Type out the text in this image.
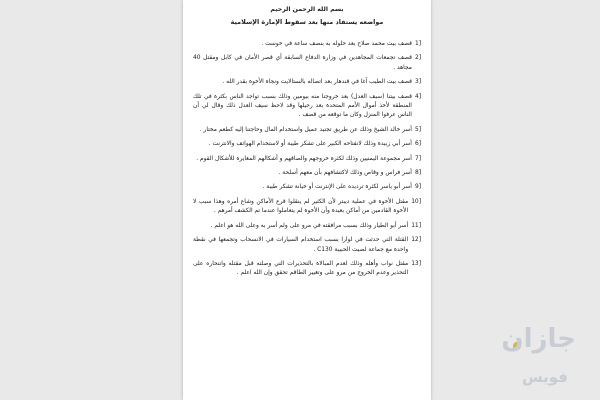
بسم الله الرحمن الرحيم
مواضعه يستفاد منها بعد سقوط الإمارة الإسلامية
[1
قصف بيت محمد صلاح بعد حلوله به بنصف ساعة في خوست .
[2
قصف تجمعات المجاهدين في وزارة الدفاع السابقة أي قصر الأمان في كابل ومقتل 40 مجاهد .
[3
قصف بيت الطيب آغا في قندهار بعد اتصاله بالستالايت ونجاة الأخوة بقدر الله .
[4
قصف بيتنا (سيف العدل) بعد خروجنا منه بيومين وذلك بسبب تواجد الناس بكثرة في تلك المنطقة لأخذ أموال الأمم المتحدة بعد رحيلها وقد لاحظ سيف العدل ذلك وقال لي أن الناس عرفوا المنزل وكان ما توقعه من قصف .
[5
أسر خالد الشيخ وذلك عن طريق تجنيد عميل واستخدام المال وحاجتنا إليه كطعم مختار .
[6
أسر أبي زبيدة وذلك لانفتاحه الكبير على تشكر طيبة أو لاستخدام الهواتف والانترنت .
[7
أسر مجموعة اليمنيين وذلك لكثرة خروجهم والصاقهم و أشكالهم المغايرة للأشكال القوم .
[8
أسر فراس و وقاص وذلك لاكتشافهم بأن معهم أسلحة .
[9
أسر أبو ياسر لكثرة ترديده على الإنترنت أو خيانة تشكر طيبة .
[10
مقتل الأخوة في عملية ديبتر لأن الكثير لم ينقلوا قرع الأماكن وشاع أمره وهذا سبب لا الأخوة القادمين من أماكن بعيدة وأن الأخوة لم يتعاملوا عندما تم الكشف أمرهم .
[11
أسر أبو الطيار وذلك بسبب مرافقته في مرو على ولم أسر به وعلى الله هو اعلم .
[12
القتلة التي حدثت في لوارا بسبب استخدام السيارات في الانسحاب وتجمعها في نقطة واحدة مع جماعة لصيت الحبيبة C130 .
[13
مقتل نواب وأهله وذلك لعدم المبالاة بالتحذيرات التي وصلته قبل مقتله وانتحاره على التحذير وعدم الخروج من مرو على وتغيير الطاقم تحقق وإن الله اعلم .
جازان
فويس
